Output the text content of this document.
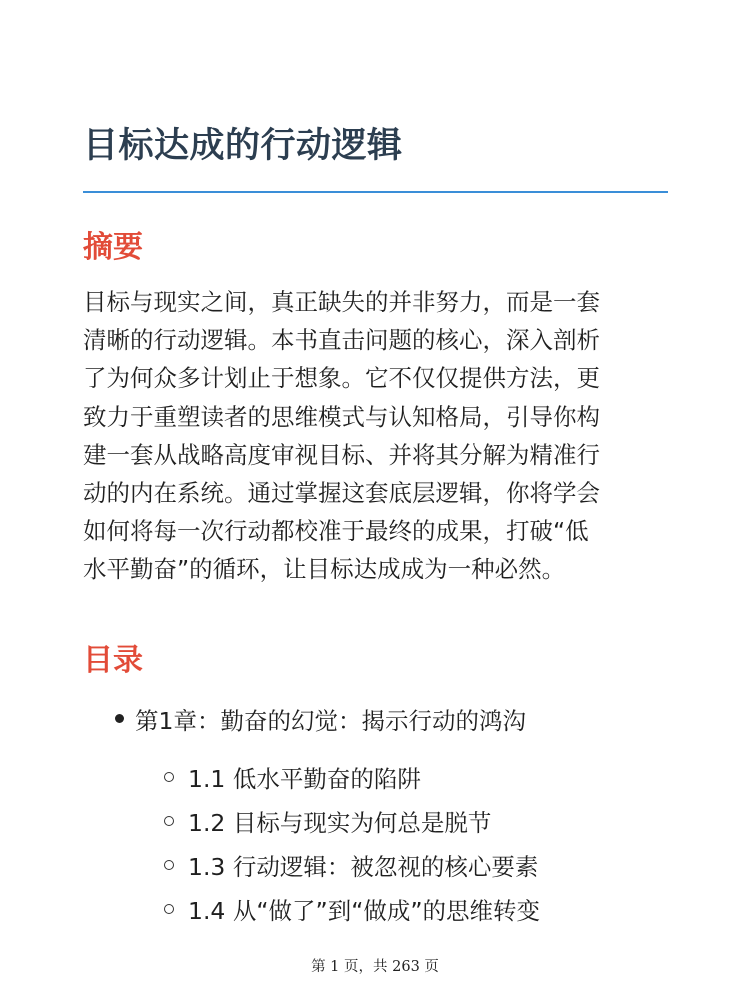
目标达成的行动逻辑
摘要

目标与现实之间，真正缺失的并非努力，而是一套
清晰的行动逻辑。本书直击问题的核心，深入剖析
了为何众多计划止于想象。它不仅仅提供方法，更
致力于重塑读者的思维模式与认知格局，引导你构
建一套从战略高度审视目标、并将其分解为精准行
动的内在系统。通过掌握这套底层逻辑，你将学会
如何将每一次行动都校准于最终的成果，打破“低
水平勤奋”的循环，让目标达成成为一种必然。

目录
第1章：勤奋的幻觉：揭示行动的鸿沟
1.1 低水平勤奋的陷阱
1.2 目标与现实为何总是脱节
1.3 行动逻辑：被忽视的核心要素
1.4 从“做了”到“做成”的思维转变
第 1 页，共 263 页
